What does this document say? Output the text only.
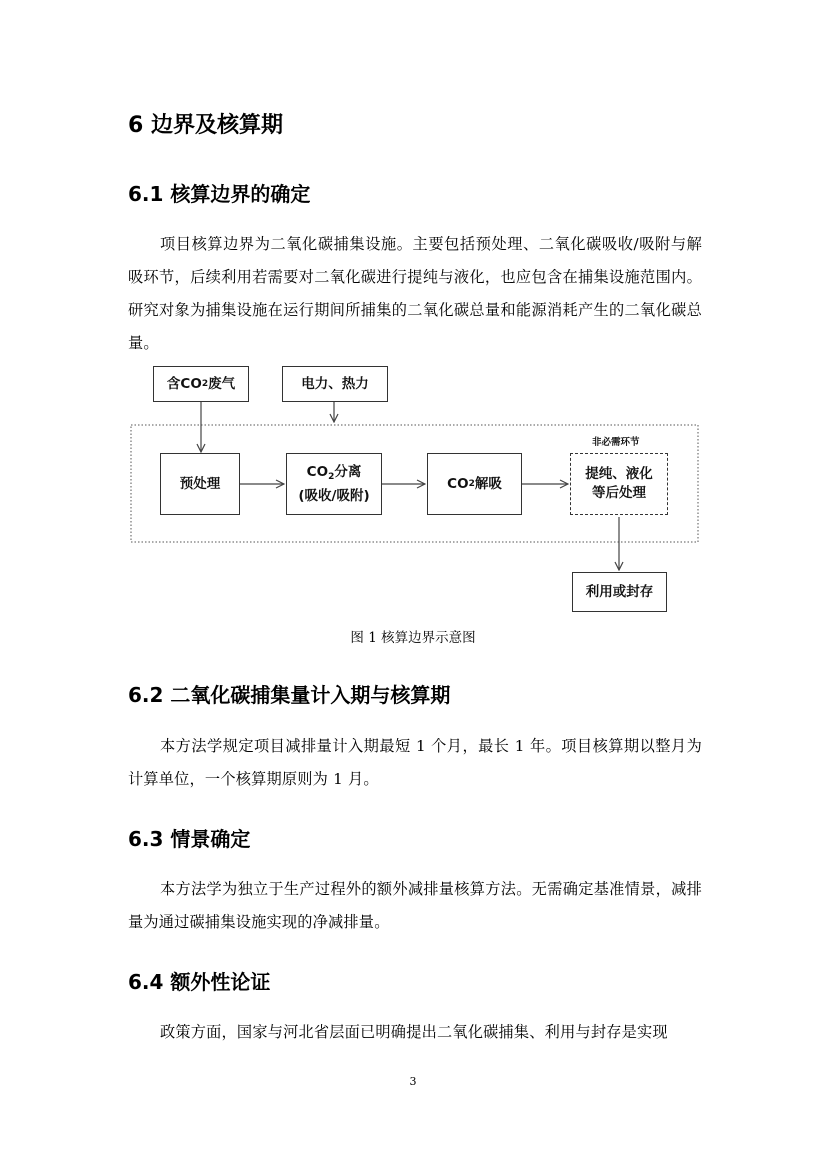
6 边界及核算期
6.1 核算边界的确定

项目核算边界为二氧化碳捕集设施。主要包括预处理、二氧化碳吸收/吸附与解吸环节，后续利用若需要对二氧化碳进行提纯与液化，也应包含在捕集设施范围内。研究对象为捕集设施在运行期间所捕集的二氧化碳总量和能源消耗产生的二氧化碳总量。

含CO 2 废气	电力、热力
预处理
$CO_2$分离
(吸收/吸附)
CO 2 解吸
非必需环节
提纯、液化
等后处理
利用或封存
图 1 核算边界示意图
6.2 二氧化碳捕集量计入期与核算期

本方法学规定项目减排量计入期最短 1 个月，最长 1 年。项目核算期以整月为计算单位，一个核算期原则为 1 月。

6.3 情景确定

本方法学为独立于生产过程外的额外减排量核算方法。无需确定基准情景，减排量为通过碳捕集设施实现的净减排量。

6.4 额外性论证

政策方面，国家与河北省层面已明确提出二氧化碳捕集、利用与封存是实现

3
